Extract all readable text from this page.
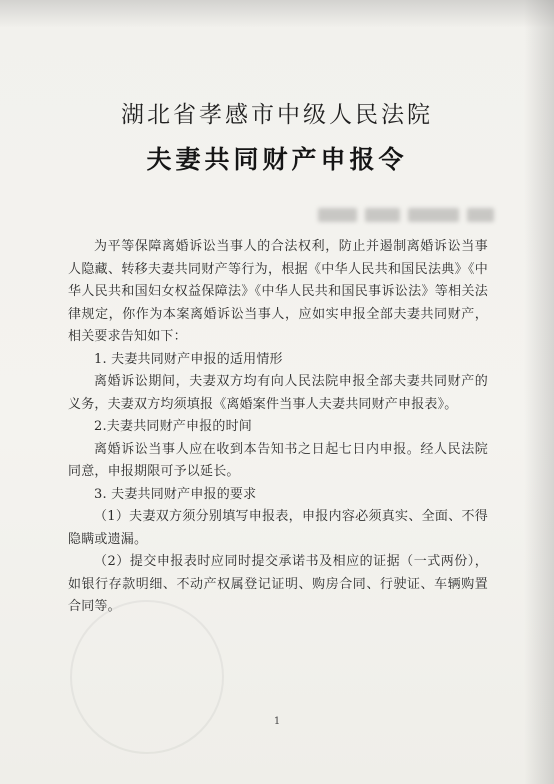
湖北省孝感市中级人民法院
夫妻共同财产申报令

为平等保障离婚诉讼当事人的合法权利，防止并遏制离婚诉讼当事人隐藏、转移夫妻共同财产等行为，根据《中华人民共和国民法典》《中华人民共和国妇女权益保障法》《中华人民共和国民事诉讼法》等相关法律规定，你作为本案离婚诉讼当事人，应如实申报全部夫妻共同财产，相关要求告知如下：

1. 夫妻共同财产申报的适用情形

离婚诉讼期间，夫妻双方均有向人民法院申报全部夫妻共同财产的义务，夫妻双方均须填报《离婚案件当事人夫妻共同财产申报表》。

2.夫妻共同财产申报的时间

离婚诉讼当事人应在收到本告知书之日起七日内申报。经人民法院同意，申报期限可予以延长。

3. 夫妻共同财产申报的要求

（1）夫妻双方须分别填写申报表，申报内容必须真实、全面、不得隐瞒或遗漏。

（2）提交申报表时应同时提交承诺书及相应的证据（一式两份），如银行存款明细、不动产权属登记证明、购房合同、行驶证、车辆购置合同等。

1
